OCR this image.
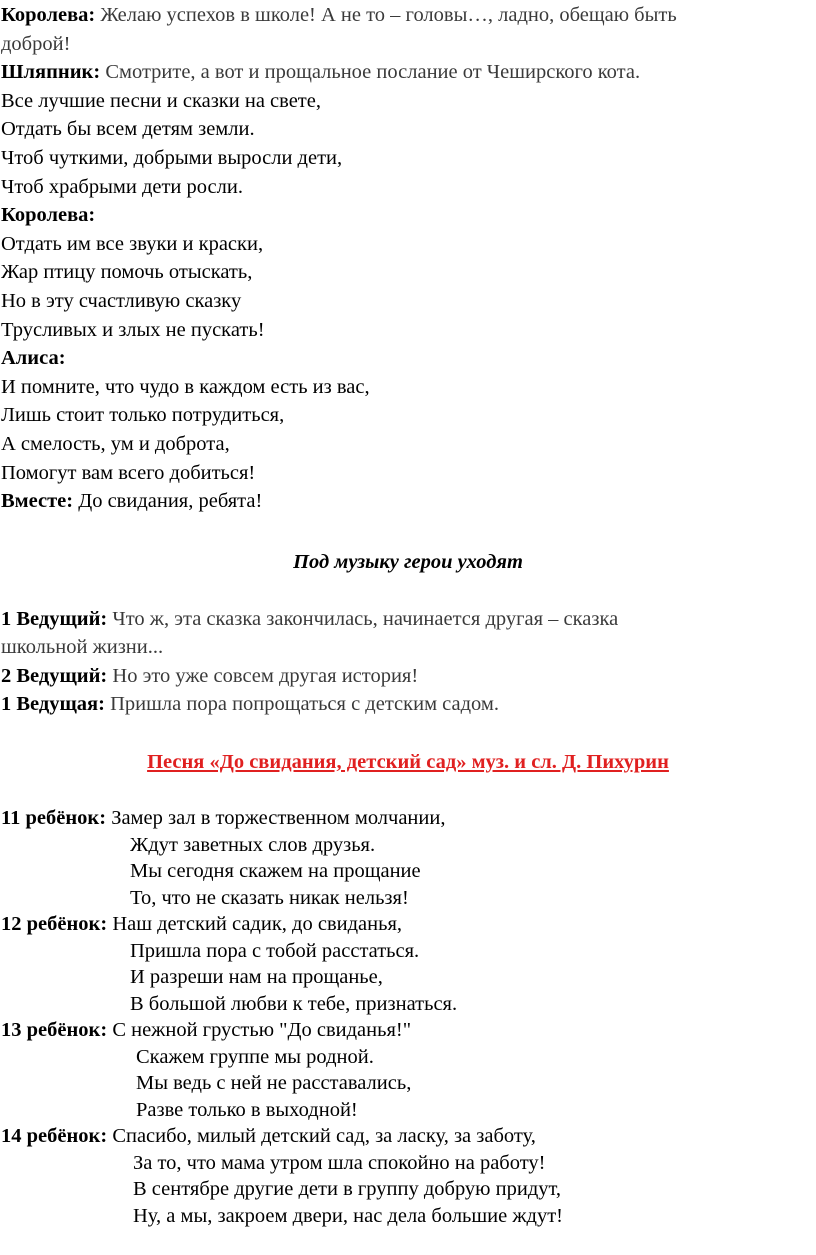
Королева: Желаю успехов в школе! А не то – головы…, ладно, обещаю быть

доброй!

Шляпник: Смотрите, а вот и прощальное послание от Чеширского кота.

Все лучшие песни и сказки на свете,

Отдать бы всем детям земли.

Чтоб чуткими, добрыми выросли дети,

Чтоб храбрыми дети росли.

Королева:

Отдать им все звуки и краски,

Жар птицу помочь отыскать,

Но в эту счастливую сказку

Трусливых и злых не пускать!

Алиса:

И помните, что чудо в каждом есть из вас,

Лишь стоит только потрудиться,

А смелость, ум и доброта,

Помогут вам всего добиться!

Вместе: До свидания, ребята!

Под музыку герои уходят

1 Ведущий: Что ж, эта сказка закончилась, начинается другая – сказка

школьной жизни...

2 Ведущий: Но это уже совсем другая история!

1 Ведущая: Пришла пора попрощаться с детским садом.

Песня «До свидания, детский сад» муз. и сл. Д. Пихурин

11 ребёнок: Замер зал в торжественном молчании,

Ждут заветных слов друзья.

Мы сегодня скажем на прощание

То, что не сказать никак нельзя!

12 ребёнок: Наш детский садик, до свиданья,

Пришла пора с тобой расстаться.

И разреши нам на прощанье,

В большой любви к тебе, признаться.

13 ребёнок: С нежной грустью "До свиданья!"

Скажем группе мы родной.

Мы ведь с ней не расставались,

Разве только в выходной!

14 ребёнок: Спасибо, милый детский сад, за ласку, за заботу,

За то, что мама утром шла спокойно на работу!

В сентябре другие дети в группу добрую придут,

Ну, а мы, закроем двери, нас дела большие ждут!
